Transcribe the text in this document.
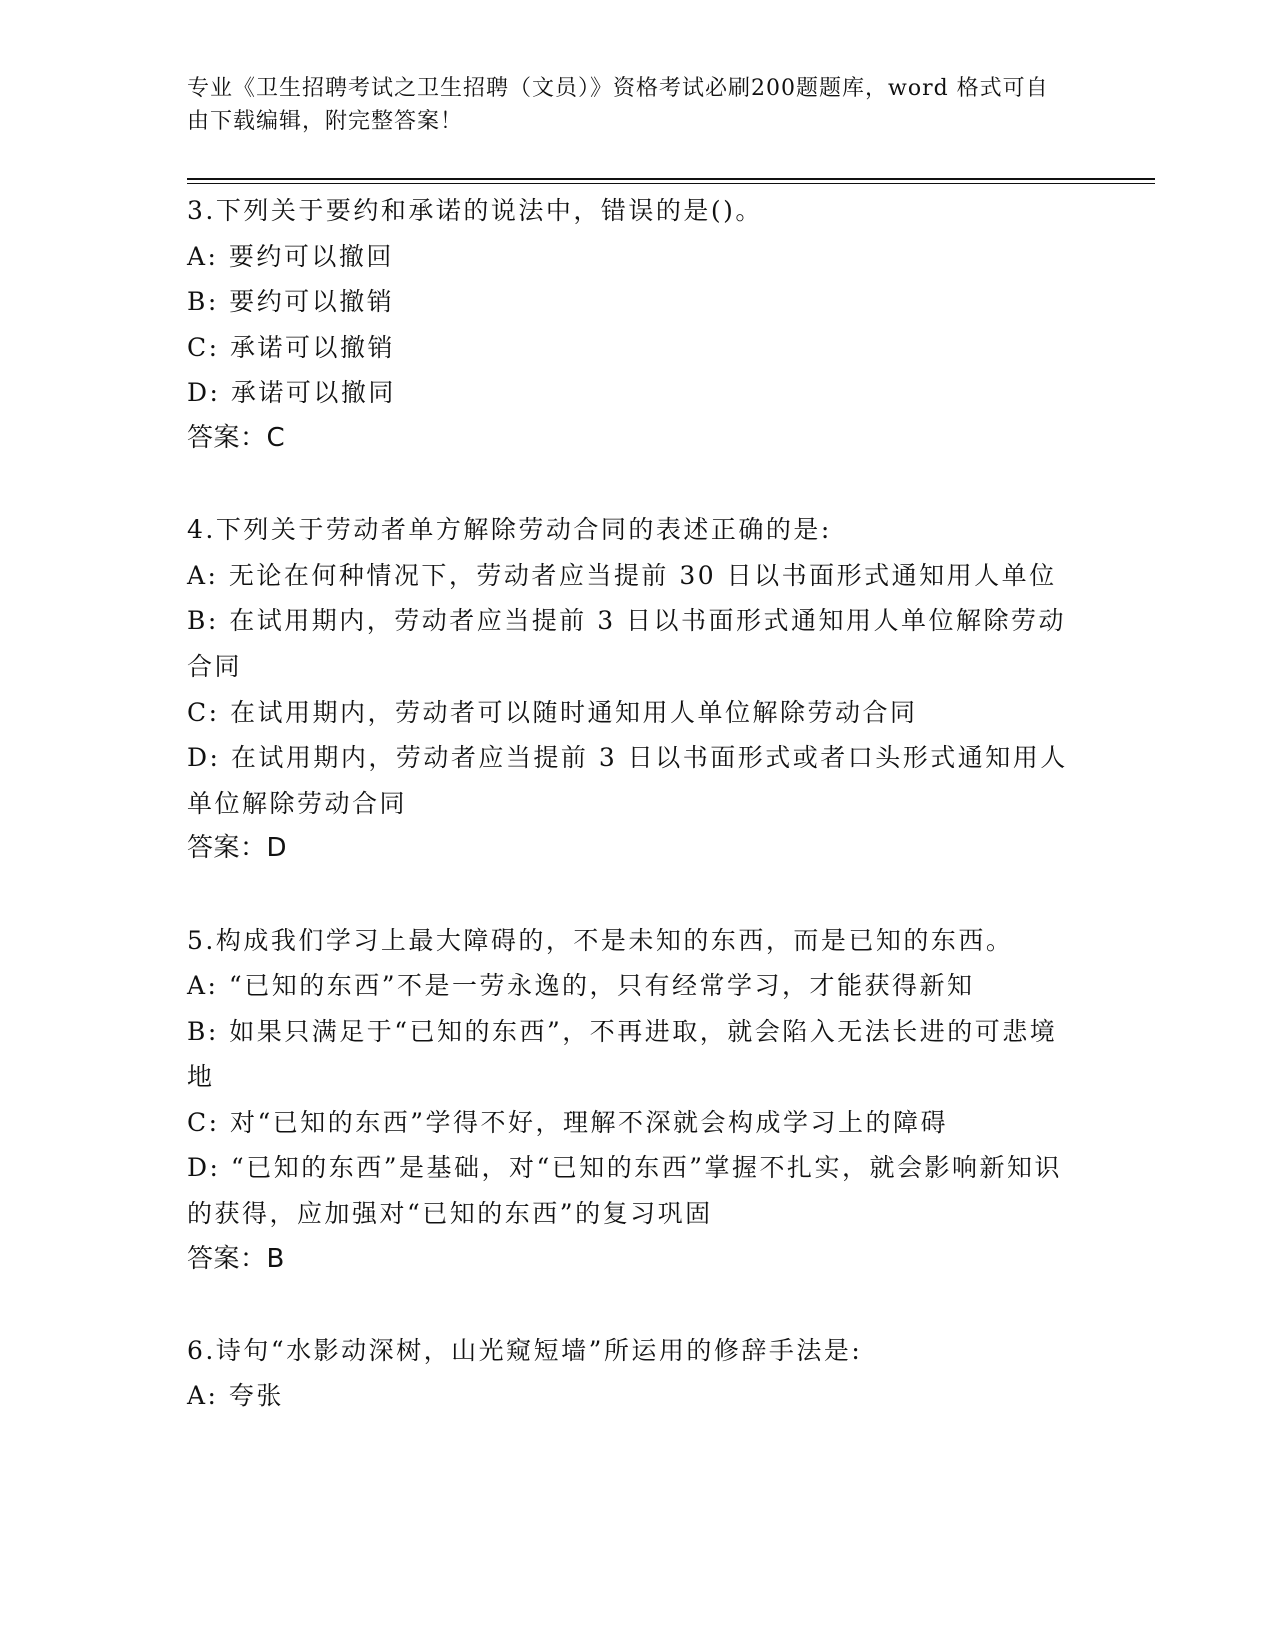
专业《卫生招聘考试之卫生招聘（文员）》资格考试必刷200题题库，word 格式可自由下载编辑，附完整答案！

3.下列关于要约和承诺的说法中，错误的是()。

A: 要约可以撤回

B: 要约可以撤销

C: 承诺可以撤销

D: 承诺可以撤同

答案：C

4.下列关于劳动者单方解除劳动合同的表述正确的是:

A: 无论在何种情况下，劳动者应当提前 30 日以书面形式通知用人单位

B: 在试用期内，劳动者应当提前 3 日以书面形式通知用人单位解除劳动合同

C: 在试用期内，劳动者可以随时通知用人单位解除劳动合同

D: 在试用期内，劳动者应当提前 3 日以书面形式或者口头形式通知用人单位解除劳动合同

答案：D

5.构成我们学习上最大障碍的，不是未知的东西，而是已知的东西。

A: “已知的东西”不是一劳永逸的，只有经常学习，才能获得新知

B: 如果只满足于“已知的东西”，不再进取，就会陷入无法长进的可悲境地

C: 对“已知的东西”学得不好，理解不深就会构成学习上的障碍

D: “已知的东西”是基础，对“已知的东西”掌握不扎实，就会影响新知识的获得，应加强对“已知的东西”的复习巩固

答案：B

6.诗句“水影动深树，山光窥短墙”所运用的修辞手法是:

A: 夸张
